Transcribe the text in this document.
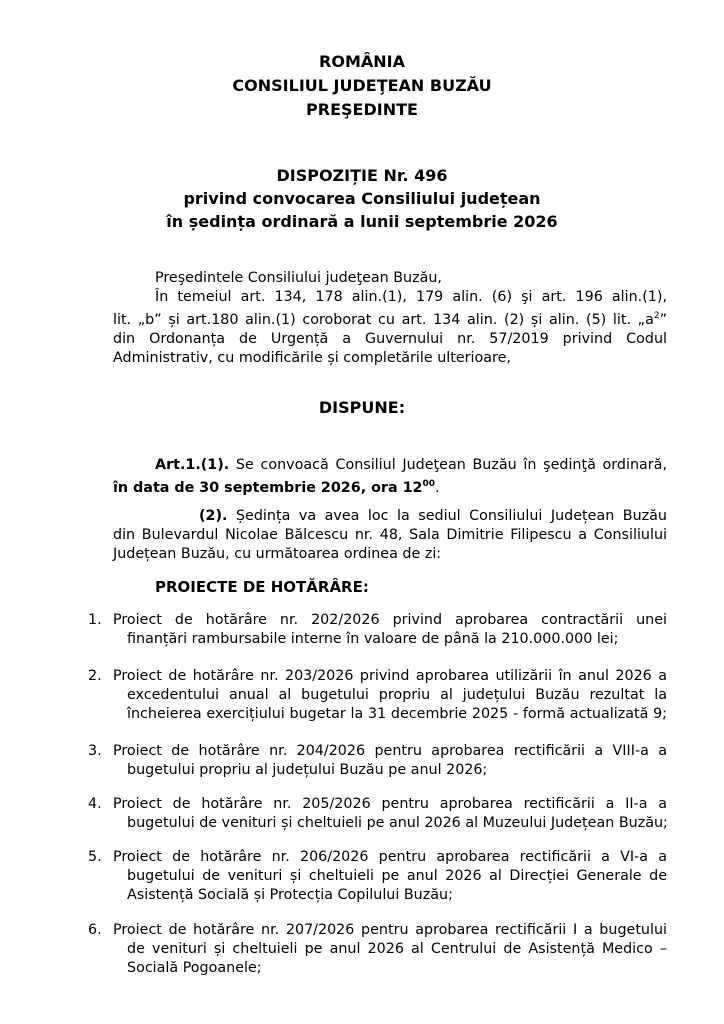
ROMÂNIA
CONSILIUL JUDEŢEAN BUZĂU
PREŞEDINTE
DISPOZIȚIE Nr. 496
privind convocarea Consiliului județean
în ședința ordinară a lunii septembrie 2026
Preşedintele Consiliului judeţean Buzău,
În temeiul art. 134, 178 alin.(1), 179 alin. (6) şi art. 196 alin.(1),
lit. „b” și art.180 alin.(1) coroborat cu art. 134 alin. (2) și alin. (5) lit. $„a^2$”
din Ordonanța de Urgență a Guvernului nr. 57/2019 privind Codul
Administrativ, cu modificările și completările ulterioare,
DISPUNE:
Art.1.(1). Se convoacă Consiliul Judeţean Buzău în şedinţă ordinară,
în data de 30 septembrie 2026, ora $12^{00}$.
(2). Ședința va avea loc la sediul Consiliului Județean Buzău
din Bulevardul Nicolae Bălcescu nr. 48, Sala Dimitrie Filipescu a Consiliului
Județean Buzău, cu următoarea ordinea de zi:
PROIECTE DE HOTĂRÂRE:
1. Proiect de hotărâre nr. 202/2026 privind aprobarea contractării unei
finanțări rambursabile interne în valoare de până la 210.000.000 lei;
2. Proiect de hotărâre nr. 203/2026 privind aprobarea utilizării în anul 2026 a
excedentului anual al bugetului propriu al județului Buzău rezultat la
încheierea exercițiului bugetar la 31 decembrie 2025 - formă actualizată 9;
3. Proiect de hotărâre nr. 204/2026 pentru aprobarea rectificării a VIII-a a
bugetului propriu al județului Buzău pe anul 2026;
4. Proiect de hotărâre nr. 205/2026 pentru aprobarea rectificării a II-a a
bugetului de venituri și cheltuieli pe anul 2026 al Muzeului Județean Buzău;
5. Proiect de hotărâre nr. 206/2026 pentru aprobarea rectificării a VI-a a
bugetului de venituri și cheltuieli pe anul 2026 al Direcției Generale de
Asistență Socială și Protecția Copilului Buzău;
6. Proiect de hotărâre nr. 207/2026 pentru aprobarea rectificării I a bugetului
de venituri și cheltuieli pe anul 2026 al Centrului de Asistență Medico –
Socială Pogoanele;
